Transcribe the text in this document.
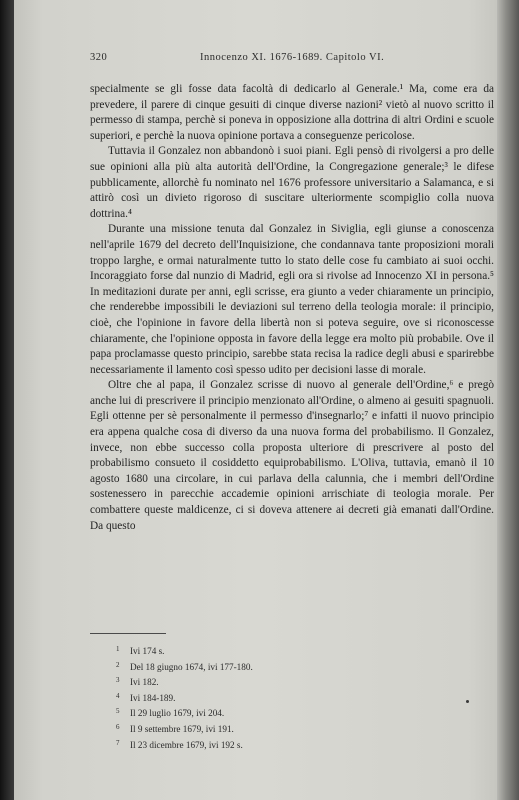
320	Innocenzo XI. 1676-1689. Capitolo VI.

specialmente se gli fosse data facoltà di dedicarlo al Generale.¹ Ma, come era da prevedere, il parere di cinque gesuiti di cinque diverse nazioni² vietò al nuovo scritto il permesso di stampa, perchè si poneva in opposizione alla dottrina di altri Ordini e scuole superiori, e perchè la nuova opinione portava a conseguenze pericolose.

Tuttavia il Gonzalez non abbandonò i suoi piani. Egli pensò di rivolgersi a pro delle sue opinioni alla più alta autorità dell'Ordine, la Congregazione generale;³ le difese pubblicamente, allorchè fu nominato nel 1676 professore universitario a Salamanca, e si attirò così un divieto rigoroso di suscitare ulteriormente scompiglio colla nuova dottrina.⁴

Durante una missione tenuta dal Gonzalez in Siviglia, egli giunse a conoscenza nell'aprile 1679 del decreto dell'Inquisizione, che condannava tante proposizioni morali troppo larghe, e ormai naturalmente tutto lo stato delle cose fu cambiato ai suoi occhi. Incoraggiato forse dal nunzio di Madrid, egli ora si rivolse ad Innocenzo XI in persona.⁵ In meditazioni durate per anni, egli scrisse, era giunto a veder chiaramente un principio, che renderebbe impossibili le deviazioni sul terreno della teologia morale: il principio, cioè, che l'opinione in favore della libertà non si poteva seguire, ove si riconoscesse chiaramente, che l'opinione opposta in favore della legge era molto più probabile. Ove il papa proclamasse questo principio, sarebbe stata recisa la radice degli abusi e sparirebbe necessariamente il lamento così spesso udito per decisioni lasse di morale.

Oltre che al papa, il Gonzalez scrisse di nuovo al generale dell'Ordine,⁶ e pregò anche lui di prescrivere il principio menzionato all'Ordine, o almeno ai gesuiti spagnuoli. Egli ottenne per sè personalmente il permesso d'insegnarlo;⁷ e infatti il nuovo principio era appena qualche cosa di diverso da una nuova forma del probabilismo. Il Gonzalez, invece, non ebbe successo colla proposta ulteriore di prescrivere al posto del probabilismo consueto il cosiddetto equiprobabilismo. L'Oliva, tuttavia, emanò il 10 agosto 1680 una circolare, in cui parlava della calunnia, che i membri dell'Ordine sostenessero in parecchie accademie opinioni arrischiate di teologia morale. Per combattere queste maldicenze, ci si doveva attenere ai decreti già emanati dall'Ordine. Da questo

1 Ivi 174 s.
2 Del 18 giugno 1674, ivi 177-180.
3 Ivi 182.
4 Ivi 184-189.
5 Il 29 luglio 1679, ivi 204.
6 Il 9 settembre 1679, ivi 191.
7 Il 23 dicembre 1679, ivi 192 s.
